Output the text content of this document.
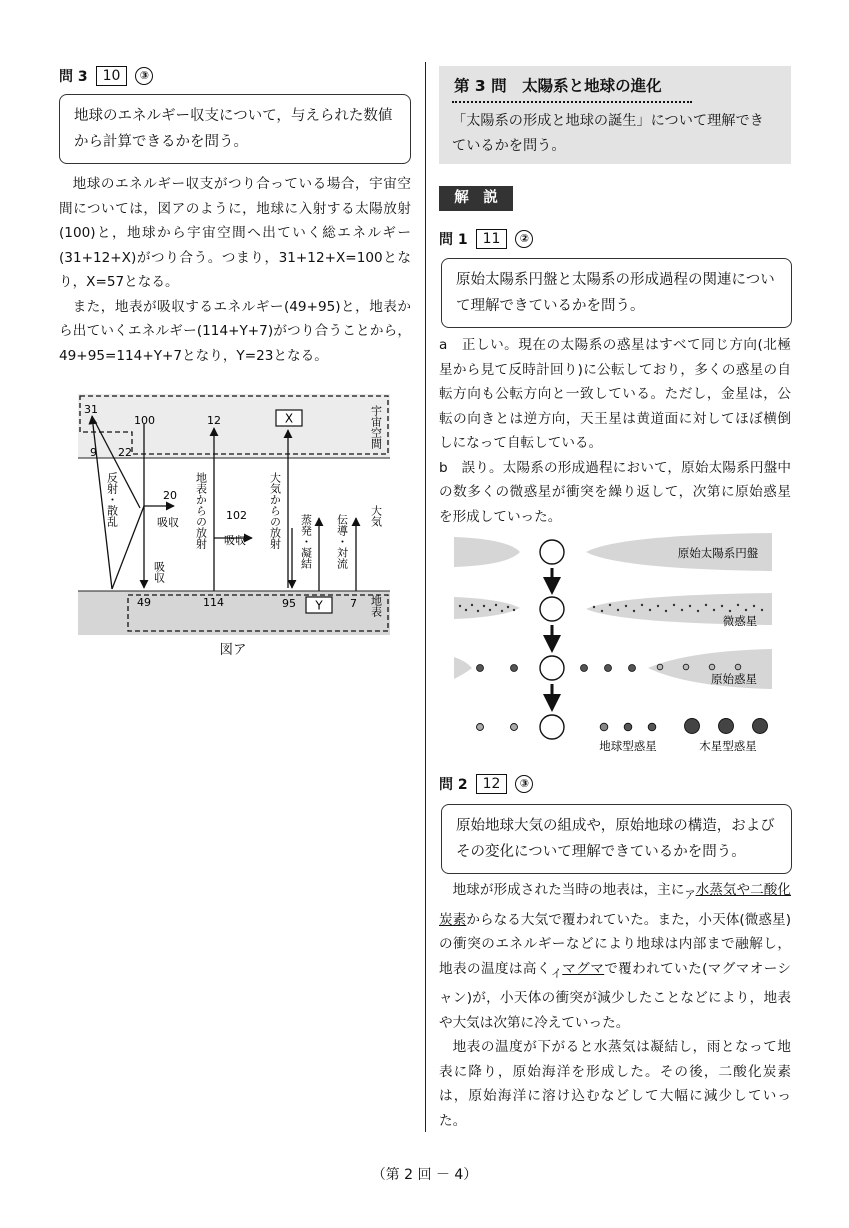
問 3	10	③
地球のエネルギー収支について，与えられた数値から計算できるかを問う。

地球のエネルギー収支がつり合っている場合，宇宙空間については，図アのように，地球に入射する太陽放射(100)と，地球から宇宙空間へ出ていく総エネルギー(31+12+X)がつり合う。つまり，31+12+X=100となり，X=57となる。

また，地表が吸収するエネルギー(49+95)と，地表から出ていくエネルギー(114+Y+7)がつり合うことから，49+95=114+Y+7となり，Y=23となる。

X
Y
31
100	12
9 22
20
102
49	114	95	7
吸収
吸収
宇宙空間
地表
大気
反射・散乱
吸収
地表からの放射	大気からの放射 蒸発・凝結 伝導・対流
図ア
第 3 問　太陽系と地球の進化
「太陽系の形成と地球の誕生」について理解できているかを問う。
解　説
問 1	11	②
原始太陽系円盤と太陽系の形成過程の関連について理解できているかを問う。

a　正しい。現在の太陽系の惑星はすべて同じ方向(北極星から見て反時計回り)に公転しており，多くの惑星の自転方向も公転方向と一致している。ただし，金星は，公転の向きとは逆方向，天王星は黄道面に対してほぼ横倒しになって自転している。

b　誤り。太陽系の形成過程において，原始太陽系円盤中の数多くの微惑星が衝突を繰り返して，次第に原始惑星を形成していった。

原始太陽系円盤
微惑星
原始惑星
地球型惑星	木星型惑星
問 2	12	③
原始地球大気の組成や，原始地球の構造，およびその変化について理解できているかを問う。

地球が形成された当時の地表は，主に$_ア$水蒸気や二酸化炭素からなる大気で覆われていた。また，小天体(微惑星)の衝突のエネルギーなどにより地球は内部まで融解し，地表の温度は高く$_イ$マグマで覆われていた(マグマオーシャン)が，小天体の衝突が減少したことなどにより，地表や大気は次第に冷えていった。

地表の温度が下がると水蒸気は凝結し，雨となって地表に降り，原始海洋を形成した。その後，二酸化炭素は，原始海洋に溶け込むなどして大幅に減少していった。

（第 2 回 － 4）
